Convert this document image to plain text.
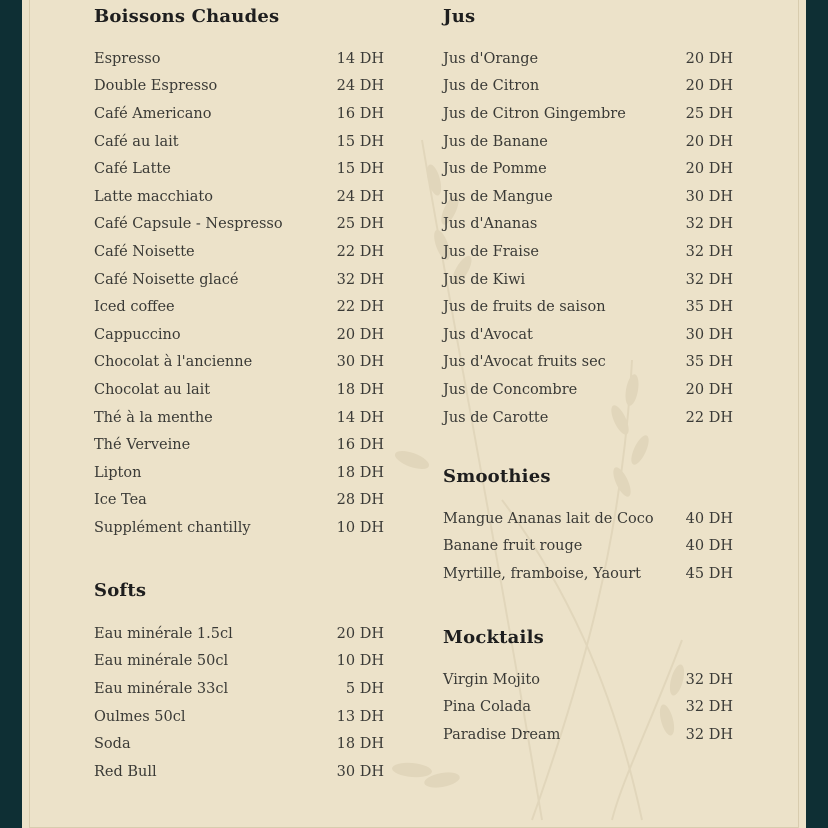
Boissons Chaudes
Espresso	14 DH
Double Espresso	24 DH
Café Americano	16 DH
Café au lait	15 DH
Café Latte	15 DH
Latte macchiato	24 DH
Café Capsule - Nespresso	25 DH
Café Noisette	22 DH
Café Noisette glacé	32 DH
Iced coffee	22 DH
Cappuccino	20 DH
Chocolat à l'ancienne	30 DH
Chocolat au lait	18 DH
Thé à la menthe	14 DH
Thé Verveine	16 DH
Lipton	18 DH
Ice Tea	28 DH
Supplément chantilly	10 DH
Softs
Eau minérale 1.5cl	20 DH
Eau minérale 50cl	10 DH
Eau minérale 33cl	5 DH
Oulmes 50cl	13 DH
Soda	18 DH
Red Bull	30 DH
Jus
Jus d'Orange	20 DH
Jus de Citron	20 DH
Jus de Citron Gingembre	25 DH
Jus de Banane	20 DH
Jus de Pomme	20 DH
Jus de Mangue	30 DH
Jus d'Ananas	32 DH
Jus de Fraise	32 DH
Jus de Kiwi	32 DH
Jus de fruits de saison	35 DH
Jus d'Avocat	30 DH
Jus d'Avocat fruits sec	35 DH
Jus de Concombre	20 DH
Jus de Carotte	22 DH
Smoothies
Mangue Ananas lait de Coco 40 DH
Banane fruit rouge	40 DH
Myrtille, framboise, Yaourt	45 DH
Mocktails
Virgin Mojito	32 DH
Pina Colada	32 DH
Paradise Dream	32 DH
